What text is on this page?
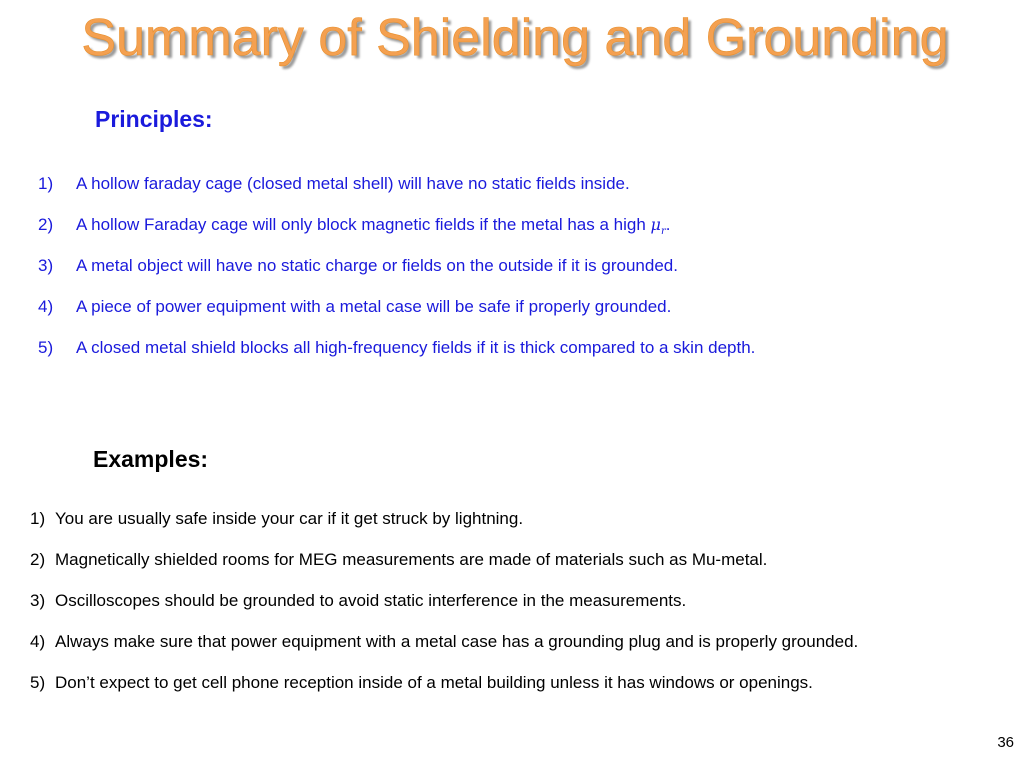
Summary of Shielding and Grounding
Principles:
1) A hollow faraday cage (closed metal shell) will have no static fields inside.
2) A hollow Faraday cage will only block magnetic fields if the metal has a high $\mu_r$.
3) A metal object will have no static charge or fields on the outside if it is grounded.
4) A piece of power equipment with a metal case will be safe if properly grounded.
5) A closed metal shield blocks all high-frequency fields if it is thick compared to a skin depth.
Examples:
1) You are usually safe inside your car if it get struck by lightning.
2) Magnetically shielded rooms for MEG measurements are made of materials such as Mu-metal.
3) Oscilloscopes should be grounded to avoid static interference in the measurements.
4) Always make sure that power equipment with a metal case has a grounding plug and is properly grounded.
5) Don’t expect to get cell phone reception inside of a metal building unless it has windows or openings.
36
